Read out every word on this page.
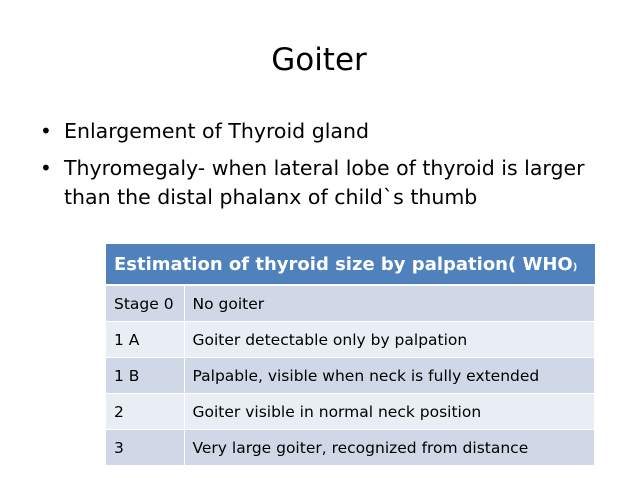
Goiter
• Enlargement of Thyroid gland
• Thyromegaly- when lateral lobe of thyroid is larger than the distal phalanx of child`s thumb
Estimation of thyroid size by palpation( WHO)	
Stage 0	No goiter
1 A	Goiter detectable only by palpation
1 B	Palpable, visible when neck is fully extended
2	Goiter visible in normal neck position
3	Very large goiter, recognized from distance
